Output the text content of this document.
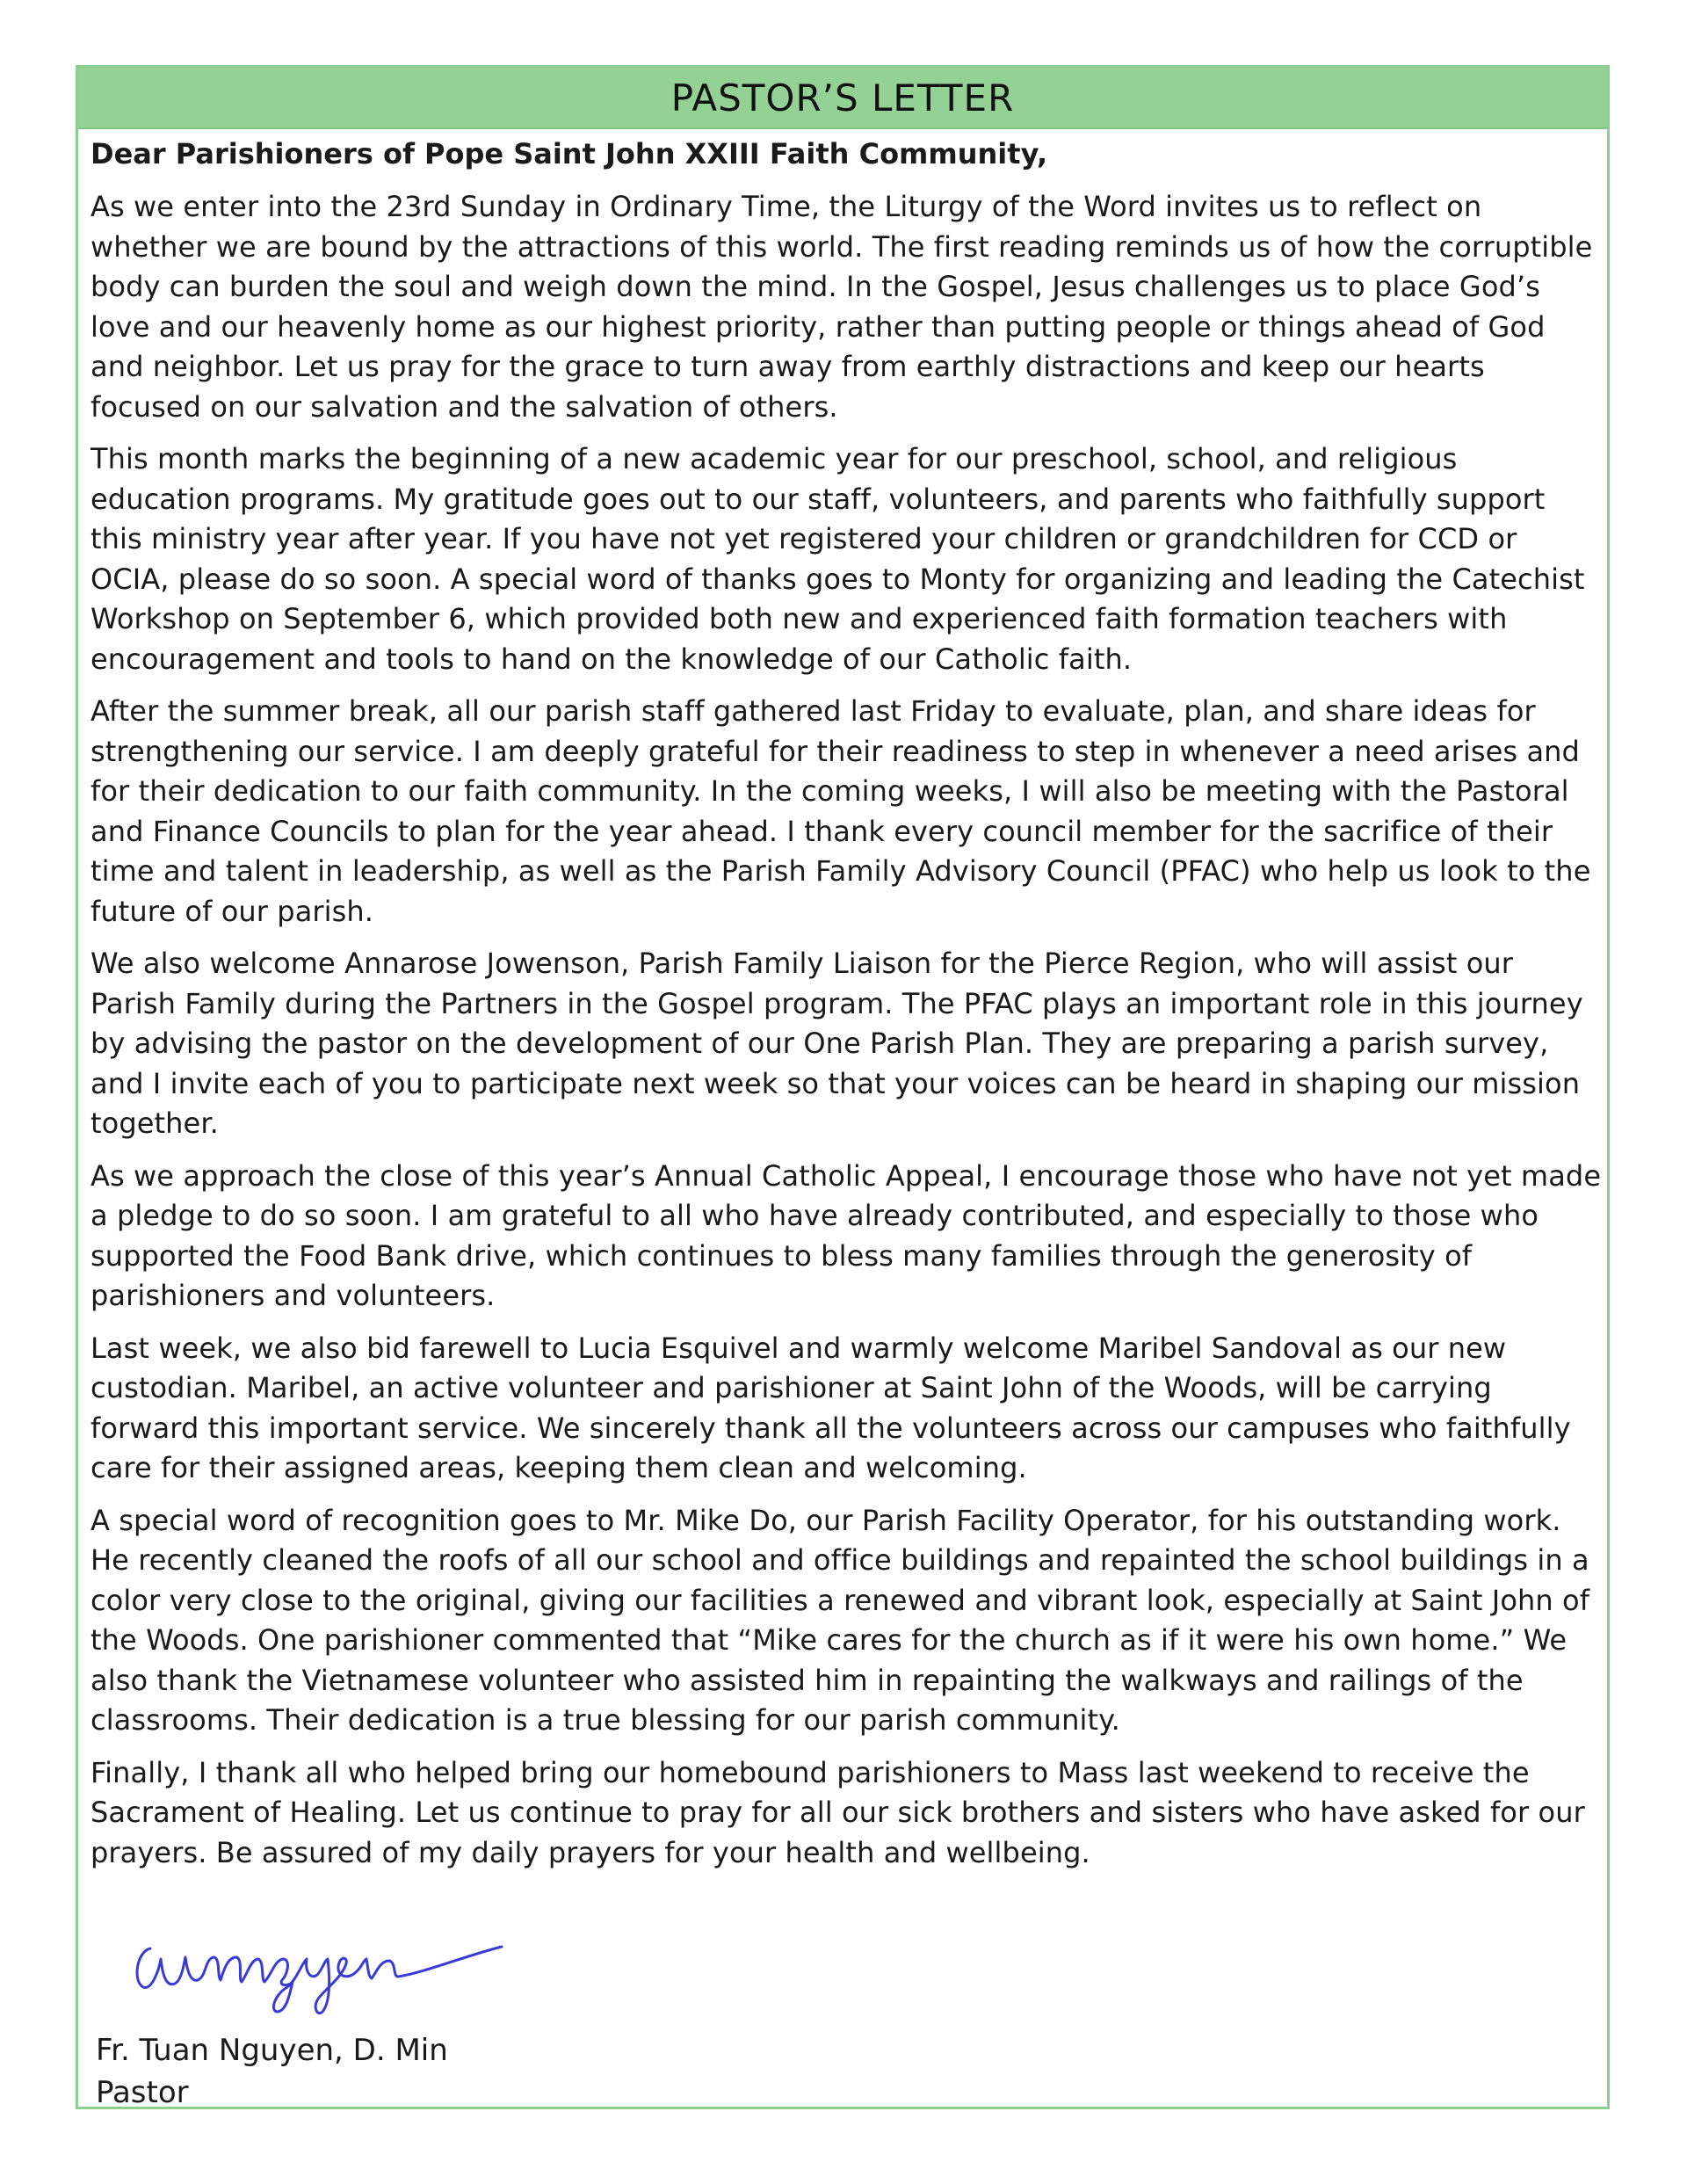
PASTOR’S LETTER

Dear Parishioners of Pope Saint John XXIII Faith Community,

As we enter into the 23rd Sunday in Ordinary Time, the Liturgy of the Word invites us to reflect on whether we are bound by the attractions of this world. The first reading reminds us of how the corruptible body can burden the soul and weigh down the mind. In the Gospel, Jesus challenges us to place God’s love and our heavenly home as our highest priority, rather than putting people or things ahead of God and neighbor. Let us pray for the grace to turn away from earthly distractions and keep our hearts focused on our salvation and the salvation of others.

This month marks the beginning of a new academic year for our preschool, school, and religious education programs. My gratitude goes out to our staff, volunteers, and parents who faithfully support this ministry year after year. If you have not yet registered your children or grandchildren for CCD or OCIA, please do so soon. A special word of thanks goes to Monty for organizing and leading the Catechist Workshop on September 6, which provided both new and experienced faith formation teachers with encouragement and tools to hand on the knowledge of our Catholic faith.

After the summer break, all our parish staff gathered last Friday to evaluate, plan, and share ideas for strengthening our service. I am deeply grateful for their readiness to step in whenever a need arises and for their dedication to our faith community. In the coming weeks, I will also be meeting with the Pastoral and Finance Councils to plan for the year ahead. I thank every council member for the sacrifice of their time and talent in leadership, as well as the Parish Family Advisory Council (PFAC) who help us look to the future of our parish.

We also welcome Annarose Jowenson, Parish Family Liaison for the Pierce Region, who will assist our Parish Family during the Partners in the Gospel program. The PFAC plays an important role in this journey by advising the pastor on the development of our One Parish Plan. They are preparing a parish survey, and I invite each of you to participate next week so that your voices can be heard in shaping our mission together.

As we approach the close of this year’s Annual Catholic Appeal, I encourage those who have not yet made a pledge to do so soon. I am grateful to all who have already contributed, and especially to those who supported the Food Bank drive, which continues to bless many families through the generosity of parishioners and volunteers.

Last week, we also bid farewell to Lucia Esquivel and warmly welcome Maribel Sandoval as our new custodian. Maribel, an active volunteer and parishioner at Saint John of the Woods, will be carrying forward this important service. We sincerely thank all the volunteers across our campuses who faithfully care for their assigned areas, keeping them clean and welcoming.

A special word of recognition goes to Mr. Mike Do, our Parish Facility Operator, for his outstanding work. He recently cleaned the roofs of all our school and office buildings and repainted the school buildings in a color very close to the original, giving our facilities a renewed and vibrant look, especially at Saint John of the Woods. One parishioner commented that “Mike cares for the church as if it were his own home.” We also thank the Vietnamese volunteer who assisted him in repainting the walkways and railings of the classrooms. Their dedication is a true blessing for our parish community.

Finally, I thank all who helped bring our homebound parishioners to Mass last weekend to receive the Sacrament of Healing. Let us continue to pray for all our sick brothers and sisters who have asked for our prayers. Be assured of my daily prayers for your health and wellbeing.

Fr. Tuan Nguyen, D. Min
Pastor
